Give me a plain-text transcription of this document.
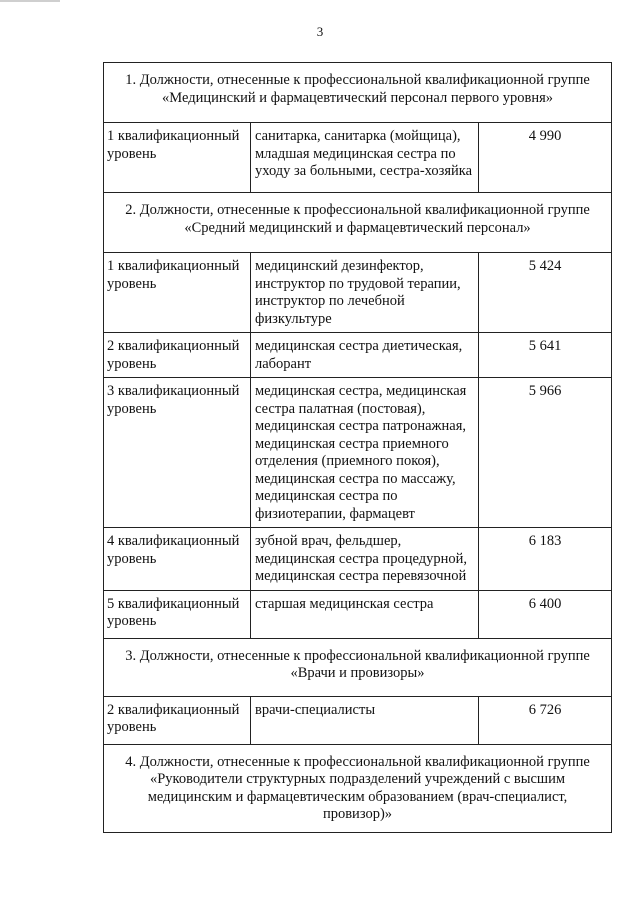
3
1. Должности, отнесенные к профессиональной квалификационной группе
«Медицинский и фармацевтический персонал первого уровня»		

1 квалификационный уровень	санитарка, санитарка (мойщица), младшая медицинская сестра по уходу за больными, сестра-хозяйка	4 990

2. Должности, отнесенные к профессиональной квалификационной группе
«Средний медицинский и фармацевтический персонал»		

1 квалификационный уровень	медицинский дезинфектор, инструктор по трудовой терапии, инструктор по лечебной физкультуре	5 424
2 квалификационный уровень	медицинская сестра диетическая, лаборант	5 641
3 квалификационный уровень	медицинская сестра, медицинская сестра палатная (постовая), медицинская сестра патронажная, медицинская сестра приемного отделения (приемного покоя), медицинская сестра по массажу, медицинская сестра по физиотерапии, фармацевт	5 966
4 квалификационный уровень	зубной врач, фельдшер, медицинская сестра процедурной, медицинская сестра перевязочной	6 183
5 квалификационный уровень	старшая медицинская сестра	6 400

3. Должности, отнесенные к профессиональной квалификационной группе
«Врачи и провизоры»		

2 квалификационный уровень	врачи-специалисты	6 726

4. Должности, отнесенные к профессиональной квалификационной группе
«Руководители структурных подразделений учреждений с высшим медицинским и фармацевтическим образованием (врач-специалист, провизор)»		
